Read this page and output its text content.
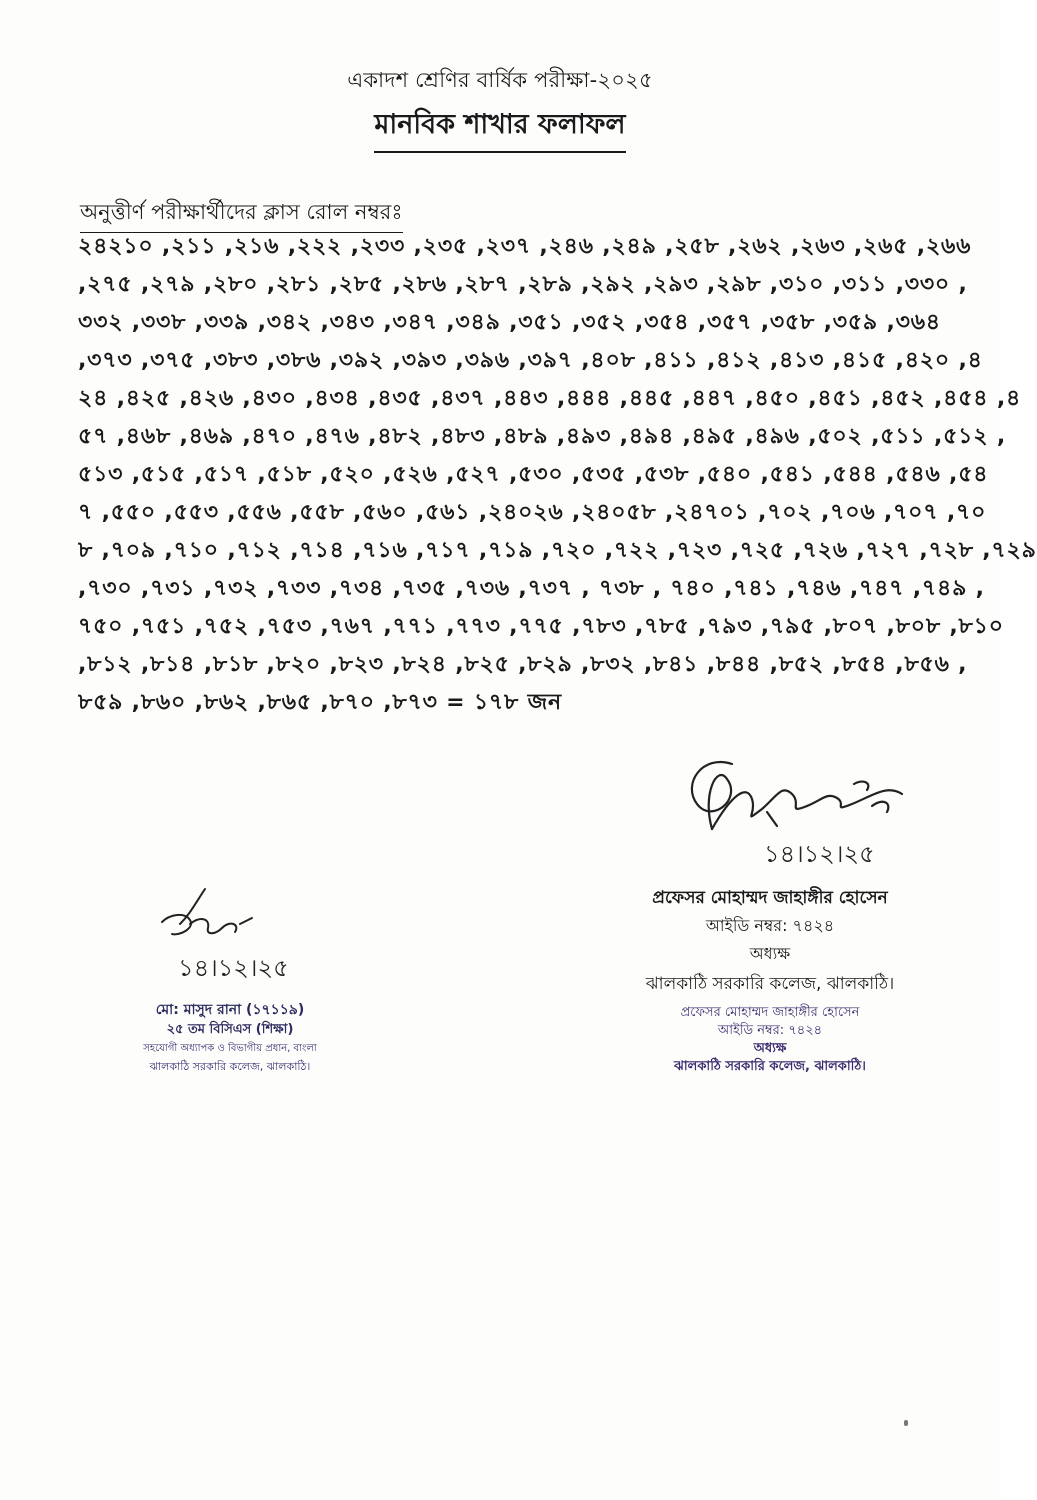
একাদশ শ্রেণির বার্ষিক পরীক্ষা-২০২৫
মানবিক শাখার ফলাফল
অনুত্তীর্ণ পরীক্ষার্থীদের ক্লাস রোল নম্বরঃ
২৪২১০ ,২১১ ,২১৬ ,২২২ ,২৩৩ ,২৩৫ ,২৩৭ ,২৪৬ ,২৪৯ ,২৫৮ ,২৬২ ,২৬৩ ,২৬৫ ,২৬৬
,২৭৫ ,২৭৯ ,২৮০ ,২৮১ ,২৮৫ ,২৮৬ ,২৮৭ ,২৮৯ ,২৯২ ,২৯৩ ,২৯৮ ,৩১০ ,৩১১ ,৩৩০ ,
৩৩২ ,৩৩৮ ,৩৩৯ ,৩৪২ ,৩৪৩ ,৩৪৭ ,৩৪৯ ,৩৫১ ,৩৫২ ,৩৫৪ ,৩৫৭ ,৩৫৮ ,৩৫৯ ,৩৬৪
,৩৭৩ ,৩৭৫ ,৩৮৩ ,৩৮৬ ,৩৯২ ,৩৯৩ ,৩৯৬ ,৩৯৭ ,৪০৮ ,৪১১ ,৪১২ ,৪১৩ ,৪১৫ ,৪২০ ,৪
২৪ ,৪২৫ ,৪২৬ ,৪৩০ ,৪৩৪ ,৪৩৫ ,৪৩৭ ,৪৪৩ ,৪৪৪ ,৪৪৫ ,৪৪৭ ,৪৫০ ,৪৫১ ,৪৫২ ,৪৫৪ ,৪
৫৭ ,৪৬৮ ,৪৬৯ ,৪৭০ ,৪৭৬ ,৪৮২ ,৪৮৩ ,৪৮৯ ,৪৯৩ ,৪৯৪ ,৪৯৫ ,৪৯৬ ,৫০২ ,৫১১ ,৫১২ ,
৫১৩ ,৫১৫ ,৫১৭ ,৫১৮ ,৫২০ ,৫২৬ ,৫২৭ ,৫৩০ ,৫৩৫ ,৫৩৮ ,৫৪০ ,৫৪১ ,৫৪৪ ,৫৪৬ ,৫৪
৭ ,৫৫০ ,৫৫৩ ,৫৫৬ ,৫৫৮ ,৫৬০ ,৫৬১ ,২৪০২৬ ,২৪০৫৮ ,২৪৭০১ ,৭০২ ,৭০৬ ,৭০৭ ,৭০
৮ ,৭০৯ ,৭১০ ,৭১২ ,৭১৪ ,৭১৬ ,৭১৭ ,৭১৯ ,৭২০ ,৭২২ ,৭২৩ ,৭২৫ ,৭২৬ ,৭২৭ ,৭২৮ ,৭২৯
,৭৩০ ,৭৩১ ,৭৩২ ,৭৩৩ ,৭৩৪ ,৭৩৫ ,৭৩৬ ,৭৩৭ , ৭৩৮ , ৭৪০ ,৭৪১ ,৭৪৬ ,৭৪৭ ,৭৪৯ ,
৭৫০ ,৭৫১ ,৭৫২ ,৭৫৩ ,৭৬৭ ,৭৭১ ,৭৭৩ ,৭৭৫ ,৭৮৩ ,৭৮৫ ,৭৯৩ ,৭৯৫ ,৮০৭ ,৮০৮ ,৮১০
,৮১২ ,৮১৪ ,৮১৮ ,৮২০ ,৮২৩ ,৮২৪ ,৮২৫ ,৮২৯ ,৮৩২ ,৮৪১ ,৮৪৪ ,৮৫২ ,৮৫৪ ,৮৫৬ ,
৮৫৯ ,৮৬০ ,৮৬২ ,৮৬৫ ,৮৭০ ,৮৭৩ = ১৭৮ জন
১৪।১২।২৫
প্রফেসর মোহাম্মদ জাহাঙ্গীর হোসেন
আইডি নম্বর: ৭৪২৪
অধ্যক্ষ
ঝালকাঠি সরকারি কলেজ, ঝালকাঠি।
প্রফেসর মোহাম্মদ জাহাঙ্গীর হোসেন
আইডি নম্বর: ৭৪২৪
অধ্যক্ষ
ঝালকাঠি সরকারি কলেজ, ঝালকাঠি।
১৪।১২।২৫
মো: মাসুদ রানা (১৭১১৯)
২৫ তম বিসিএস (শিক্ষা)
সহযোগী অধ্যাপক ও বিভাগীয় প্রধান, বাংলা
ঝালকাঠি সরকারি কলেজ, ঝালকাঠি।
